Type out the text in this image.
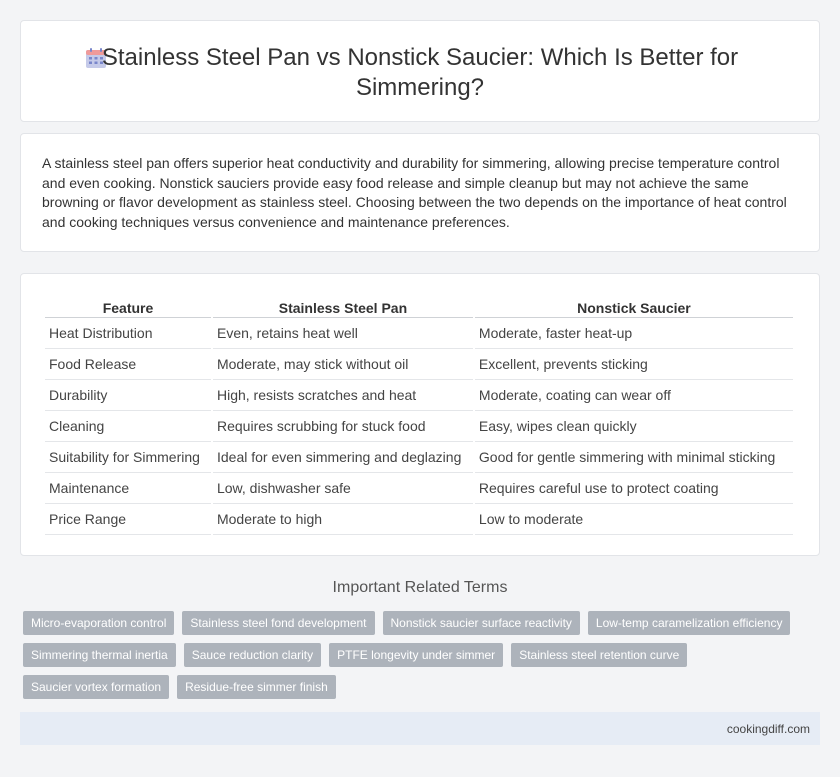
Stainless Steel Pan vs Nonstick Saucier: Which Is Better for Simmering?

A stainless steel pan offers superior heat conductivity and durability for simmering, allowing precise temperature control and even cooking. Nonstick sauciers provide easy food release and simple cleanup but may not achieve the same browning or flavor development as stainless steel. Choosing between the two depends on the importance of heat control and cooking techniques versus convenience and maintenance preferences.

Feature	Stainless Steel Pan	Nonstick Saucier
Heat Distribution	Even, retains heat well	Moderate, faster heat-up
Food Release	Moderate, may stick without oil	Excellent, prevents sticking
Durability	High, resists scratches and heat	Moderate, coating can wear off
Cleaning	Requires scrubbing for stuck food	Easy, wipes clean quickly
Suitability for Simmering	Ideal for even simmering and deglazing	Good for gentle simmering with minimal sticking
Maintenance	Low, dishwasher safe	Requires careful use to protect coating
Price Range	Moderate to high	Low to moderate
Important Related Terms
Micro-evaporation control	Stainless steel fond development	Nonstick saucier surface reactivity	Low-temp caramelization efficiency
Simmering thermal inertia	Sauce reduction clarity	PTFE longevity under simmer	Stainless steel retention curve
Saucier vortex formation	Residue-free simmer finish
cookingdiff.com
